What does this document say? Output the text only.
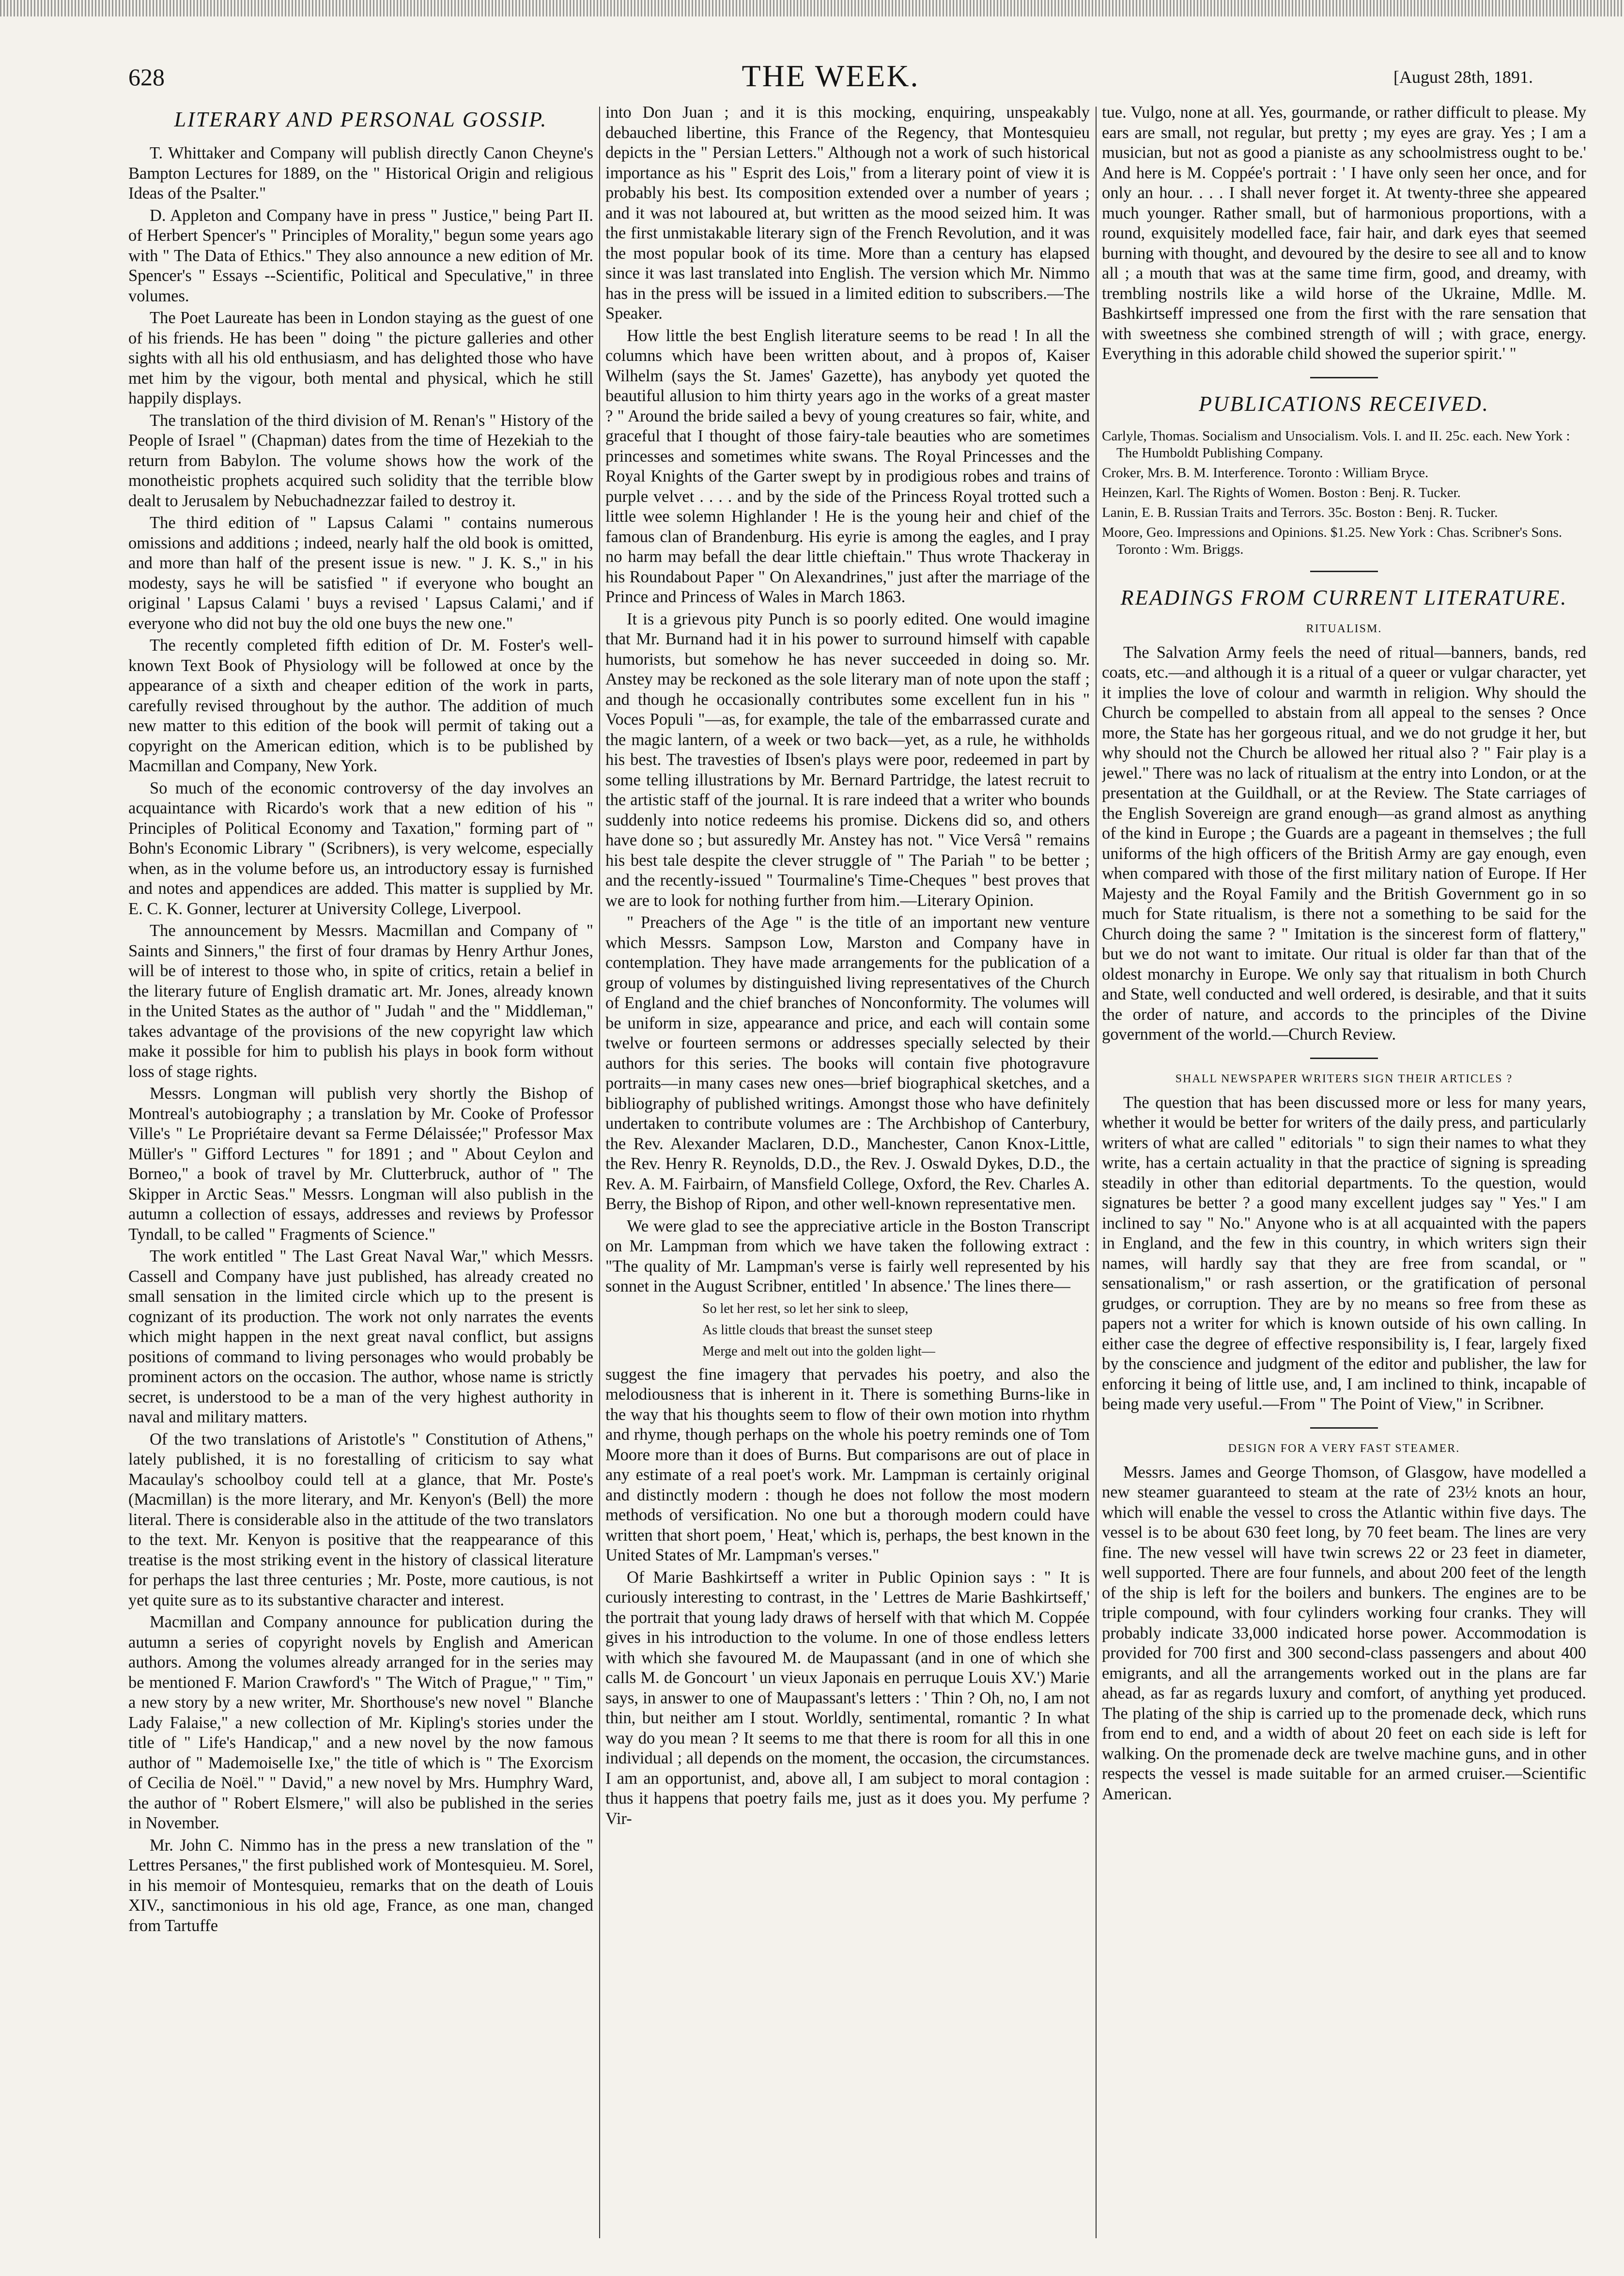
628	THE WEEK.	[August 28th, 1891.
LITERARY AND PERSONAL GOSSIP.

T. Whittaker and Company will publish directly Canon Cheyne's Bampton Lectures for 1889, on the " Historical Origin and religious Ideas of the Psalter."

D. Appleton and Company have in press " Justice," being Part II. of Herbert Spencer's " Principles of Morality," begun some years ago with " The Data of Ethics." They also announce a new edition of Mr. Spencer's " Essays --Scientific, Political and Speculative," in three volumes.

The Poet Laureate has been in London staying as the guest of one of his friends. He has been " doing " the picture galleries and other sights with all his old enthusiasm, and has delighted those who have met him by the vigour, both mental and physical, which he still happily displays.

The translation of the third division of M. Renan's " History of the People of Israel " (Chapman) dates from the time of Hezekiah to the return from Babylon. The volume shows how the work of the monotheistic prophets acquired such solidity that the terrible blow dealt to Jerusalem by Nebuchadnezzar failed to destroy it.

The third edition of " Lapsus Calami " contains numerous omissions and additions ; indeed, nearly half the old book is omitted, and more than half of the present issue is new. " J. K. S.," in his modesty, says he will be satisfied " if everyone who bought an original ' Lapsus Calami ' buys a revised ' Lapsus Calami,' and if everyone who did not buy the old one buys the new one."

The recently completed fifth edition of Dr. M. Foster's well-known Text Book of Physiology will be followed at once by the appearance of a sixth and cheaper edition of the work in parts, carefully revised throughout by the author. The addition of much new matter to this edition of the book will permit of taking out a copyright on the American edition, which is to be published by Macmillan and Company, New York.

So much of the economic controversy of the day involves an acquaintance with Ricardo's work that a new edition of his " Principles of Political Economy and Taxation," forming part of " Bohn's Economic Library " (Scribners), is very welcome, especially when, as in the volume before us, an introductory essay is furnished and notes and appendices are added. This matter is supplied by Mr. E. C. K. Gonner, lecturer at University College, Liverpool.

The announcement by Messrs. Macmillan and Company of " Saints and Sinners," the first of four dramas by Henry Arthur Jones, will be of interest to those who, in spite of critics, retain a belief in the literary future of English dramatic art. Mr. Jones, already known in the United States as the author of " Judah " and the " Middleman," takes advantage of the provisions of the new copyright law which make it possible for him to publish his plays in book form without loss of stage rights.

Messrs. Longman will publish very shortly the Bishop of Montreal's autobiography ; a translation by Mr. Cooke of Professor Ville's " Le Propriétaire devant sa Ferme Délaissée;" Professor Max Müller's " Gifford Lectures " for 1891 ; and " About Ceylon and Borneo," a book of travel by Mr. Clutterbruck, author of " The Skipper in Arctic Seas." Messrs. Longman will also publish in the autumn a collection of essays, addresses and reviews by Professor Tyndall, to be called " Fragments of Science."

The work entitled " The Last Great Naval War," which Messrs. Cassell and Company have just published, has already created no small sensation in the limited circle which up to the present is cognizant of its production. The work not only narrates the events which might happen in the next great naval conflict, but assigns positions of command to living personages who would probably be prominent actors on the occasion. The author, whose name is strictly secret, is understood to be a man of the very highest authority in naval and military matters.

Of the two translations of Aristotle's " Constitution of Athens," lately published, it is no forestalling of criticism to say what Macaulay's schoolboy could tell at a glance, that Mr. Poste's (Macmillan) is the more literary, and Mr. Kenyon's (Bell) the more literal. There is considerable also in the attitude of the two translators to the text. Mr. Kenyon is positive that the reappearance of this treatise is the most striking event in the history of classical literature for perhaps the last three centuries ; Mr. Poste, more cautious, is not yet quite sure as to its substantive character and interest.

Macmillan and Company announce for publication during the autumn a series of copyright novels by English and American authors. Among the volumes already arranged for in the series may be mentioned F. Marion Crawford's " The Witch of Prague," " Tim," a new story by a new writer, Mr. Shorthouse's new novel " Blanche Lady Falaise," a new collection of Mr. Kipling's stories under the title of " Life's Handicap," and a new novel by the now famous author of " Mademoiselle Ixe," the title of which is " The Exorcism of Cecilia de Noël." " David," a new novel by Mrs. Humphry Ward, the author of " Robert Elsmere," will also be published in the series in November.

Mr. John C. Nimmo has in the press a new translation of the " Lettres Persanes," the first published work of Montesquieu. M. Sorel, in his memoir of Montesquieu, remarks that on the death of Louis XIV., sanctimonious in his old age, France, as one man, changed from Tartuffe

into Don Juan ; and it is this mocking, enquiring, unspeakably debauched libertine, this France of the Regency, that Montesquieu depicts in the " Persian Letters." Although not a work of such historical importance as his " Esprit des Lois," from a literary point of view it is probably his best. Its composition extended over a number of years ; and it was not laboured at, but written as the mood seized him. It was the first unmistakable literary sign of the French Revolution, and it was the most popular book of its time. More than a century has elapsed since it was last translated into English. The version which Mr. Nimmo has in the press will be issued in a limited edition to subscribers.—The Speaker.

How little the best English literature seems to be read ! In all the columns which have been written about, and à propos of, Kaiser Wilhelm (says the St. James' Gazette), has anybody yet quoted the beautiful allusion to him thirty years ago in the works of a great master ? " Around the bride sailed a bevy of young creatures so fair, white, and graceful that I thought of those fairy-tale beauties who are sometimes princesses and sometimes white swans. The Royal Princesses and the Royal Knights of the Garter swept by in prodigious robes and trains of purple velvet . . . . and by the side of the Princess Royal trotted such a little wee solemn Highlander ! He is the young heir and chief of the famous clan of Brandenburg. His eyrie is among the eagles, and I pray no harm may befall the dear little chieftain." Thus wrote Thackeray in his Roundabout Paper " On Alexandrines," just after the marriage of the Prince and Princess of Wales in March 1863.

It is a grievous pity Punch is so poorly edited. One would imagine that Mr. Burnand had it in his power to surround himself with capable humorists, but somehow he has never succeeded in doing so. Mr. Anstey may be reckoned as the sole literary man of note upon the staff ; and though he occasionally contributes some excellent fun in his " Voces Populi "—as, for example, the tale of the embarrassed curate and the magic lantern, of a week or two back—yet, as a rule, he withholds his best. The travesties of Ibsen's plays were poor, redeemed in part by some telling illustrations by Mr. Bernard Partridge, the latest recruit to the artistic staff of the journal. It is rare indeed that a writer who bounds suddenly into notice redeems his promise. Dickens did so, and others have done so ; but assuredly Mr. Anstey has not. " Vice Versâ " remains his best tale despite the clever struggle of " The Pariah " to be better ; and the recently-issued " Tourmaline's Time-Cheques " best proves that we are to look for nothing further from him.—Literary Opinion.

" Preachers of the Age " is the title of an important new venture which Messrs. Sampson Low, Marston and Company have in contemplation. They have made arrangements for the publication of a group of volumes by distinguished living representatives of the Church of England and the chief branches of Nonconformity. The volumes will be uniform in size, appearance and price, and each will contain some twelve or fourteen sermons or addresses specially selected by their authors for this series. The books will contain five photogravure portraits—in many cases new ones—brief biographical sketches, and a bibliography of published writings. Amongst those who have definitely undertaken to contribute volumes are : The Archbishop of Canterbury, the Rev. Alexander Maclaren, D.D., Manchester, Canon Knox-Little, the Rev. Henry R. Reynolds, D.D., the Rev. J. Oswald Dykes, D.D., the Rev. A. M. Fairbairn, of Mansfield College, Oxford, the Rev. Charles A. Berry, the Bishop of Ripon, and other well-known representative men.

We were glad to see the appreciative article in the Boston Transcript on Mr. Lampman from which we have taken the following extract : "The quality of Mr. Lampman's verse is fairly well represented by his sonnet in the August Scribner, entitled ' In absence.' The lines there—

So let her rest, so let her sink to sleep,

As little clouds that breast the sunset steep

Merge and melt out into the golden light—

suggest the fine imagery that pervades his poetry, and also the melodiousness that is inherent in it. There is something Burns-like in the way that his thoughts seem to flow of their own motion into rhythm and rhyme, though perhaps on the whole his poetry reminds one of Tom Moore more than it does of Burns. But comparisons are out of place in any estimate of a real poet's work. Mr. Lampman is certainly original and distinctly modern : though he does not follow the most modern methods of versification. No one but a thorough modern could have written that short poem, ' Heat,' which is, perhaps, the best known in the United States of Mr. Lampman's verses."

Of Marie Bashkirtseff a writer in Public Opinion says : " It is curiously interesting to contrast, in the ' Lettres de Marie Bashkirtseff,' the portrait that young lady draws of herself with that which M. Coppée gives in his introduction to the volume. In one of those endless letters with which she favoured M. de Maupassant (and in one of which she calls M. de Goncourt ' un vieux Japonais en perruque Louis XV.') Marie says, in answer to one of Maupassant's letters : ' Thin ? Oh, no, I am not thin, but neither am I stout. Worldly, sentimental, romantic ? In what way do you mean ? It seems to me that there is room for all this in one individual ; all depends on the moment, the occasion, the circumstances. I am an opportunist, and, above all, I am subject to moral contagion : thus it happens that poetry fails me, just as it does you. My perfume ? Vir-

tue. Vulgo, none at all. Yes, gourmande, or rather difficult to please. My ears are small, not regular, but pretty ; my eyes are gray. Yes ; I am a musician, but not as good a pianiste as any schoolmistress ought to be.' And here is M. Coppée's portrait : ' I have only seen her once, and for only an hour. . . . I shall never forget it. At twenty-three she appeared much younger. Rather small, but of harmonious proportions, with a round, exquisitely modelled face, fair hair, and dark eyes that seemed burning with thought, and devoured by the desire to see all and to know all ; a mouth that was at the same time firm, good, and dreamy, with trembling nostrils like a wild horse of the Ukraine, Mdlle. M. Bashkirtseff impressed one from the first with the rare sensation that with sweetness she combined strength of will ; with grace, energy. Everything in this adorable child showed the superior spirit.' "

PUBLICATIONS RECEIVED.

Carlyle, Thomas. Socialism and Unsocialism. Vols. I. and II. 25c. each. New York : The Humboldt Publishing Company.

Croker, Mrs. B. M. Interference. Toronto : William Bryce.

Heinzen, Karl. The Rights of Women. Boston : Benj. R. Tucker.

Lanin, E. B. Russian Traits and Terrors. 35c. Boston : Benj. R. Tucker.

Moore, Geo. Impressions and Opinions. $1.25. New York : Chas. Scribner's Sons. Toronto : Wm. Briggs.

READINGS FROM CURRENT LITERATURE.
RITUALISM.

The Salvation Army feels the need of ritual—banners, bands, red coats, etc.—and although it is a ritual of a queer or vulgar character, yet it implies the love of colour and warmth in religion. Why should the Church be compelled to abstain from all appeal to the senses ? Once more, the State has her gorgeous ritual, and we do not grudge it her, but why should not the Church be allowed her ritual also ? " Fair play is a jewel." There was no lack of ritualism at the entry into London, or at the presentation at the Guildhall, or at the Review. The State carriages of the English Sovereign are grand enough—as grand almost as anything of the kind in Europe ; the Guards are a pageant in themselves ; the full uniforms of the high officers of the British Army are gay enough, even when compared with those of the first military nation of Europe. If Her Majesty and the Royal Family and the British Government go in so much for State ritualism, is there not a something to be said for the Church doing the same ? " Imitation is the sincerest form of flattery," but we do not want to imitate. Our ritual is older far than that of the oldest monarchy in Europe. We only say that ritualism in both Church and State, well conducted and well ordered, is desirable, and that it suits the order of nature, and accords to the principles of the Divine government of the world.—Church Review.

SHALL NEWSPAPER WRITERS SIGN THEIR ARTICLES ?

The question that has been discussed more or less for many years, whether it would be better for writers of the daily press, and particularly writers of what are called " editorials " to sign their names to what they write, has a certain actuality in that the practice of signing is spreading steadily in other than editorial departments. To the question, would signatures be better ? a good many excellent judges say " Yes." I am inclined to say " No." Anyone who is at all acquainted with the papers in England, and the few in this country, in which writers sign their names, will hardly say that they are free from scandal, or " sensationalism," or rash assertion, or the gratification of personal grudges, or corruption. They are by no means so free from these as papers not a writer for which is known outside of his own calling. In either case the degree of effective responsibility is, I fear, largely fixed by the conscience and judgment of the editor and publisher, the law for enforcing it being of little use, and, I am inclined to think, incapable of being made very useful.—From " The Point of View," in Scribner.

DESIGN FOR A VERY FAST STEAMER.

Messrs. James and George Thomson, of Glasgow, have modelled a new steamer guaranteed to steam at the rate of 23½ knots an hour, which will enable the vessel to cross the Atlantic within five days. The vessel is to be about 630 feet long, by 70 feet beam. The lines are very fine. The new vessel will have twin screws 22 or 23 feet in diameter, well supported. There are four funnels, and about 200 feet of the length of the ship is left for the boilers and bunkers. The engines are to be triple compound, with four cylinders working four cranks. They will probably indicate 33,000 indicated horse power. Accommodation is provided for 700 first and 300 second-class passengers and about 400 emigrants, and all the arrangements worked out in the plans are far ahead, as far as regards luxury and comfort, of anything yet produced. The plating of the ship is carried up to the promenade deck, which runs from end to end, and a width of about 20 feet on each side is left for walking. On the promenade deck are twelve machine guns, and in other respects the vessel is made suitable for an armed cruiser.—Scientific American.
